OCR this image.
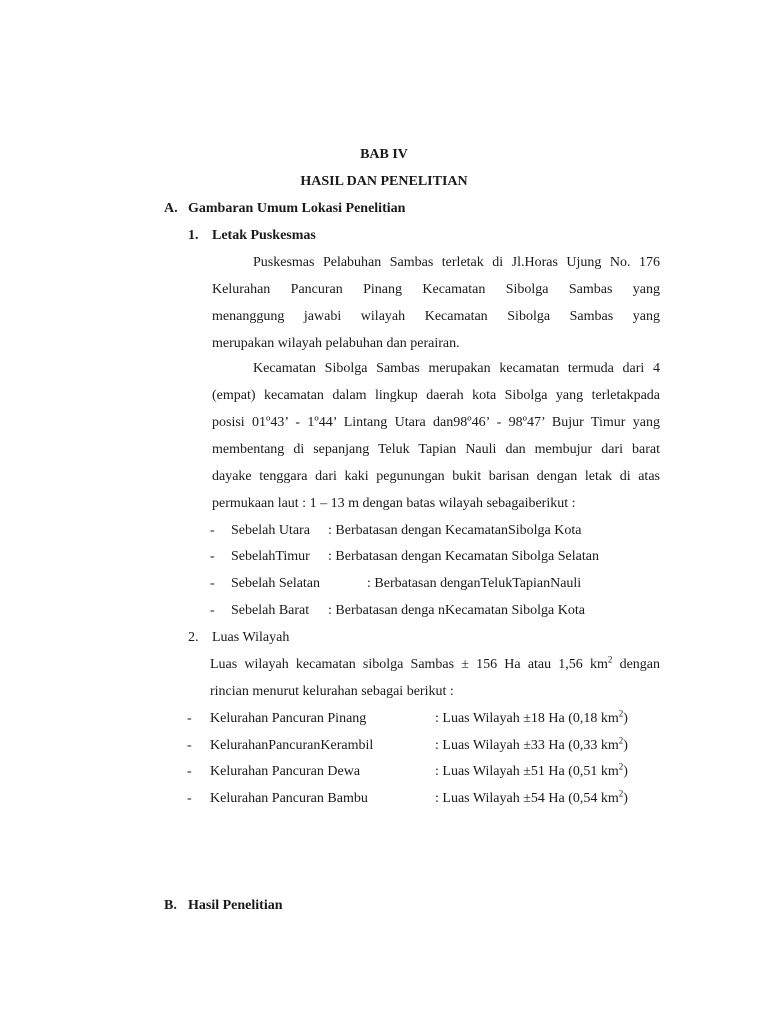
BAB IV
HASIL DAN PENELITIAN
A. Gambaran Umum Lokasi Penelitian
1. Letak Puskesmas
Puskesmas Pelabuhan Sambas terletak di Jl.Horas Ujung No. 176
Kelurahan Pancuran Pinang Kecamatan Sibolga Sambas yang
menanggung jawabi wilayah Kecamatan Sibolga Sambas yang
merupakan wilayah pelabuhan dan perairan.
Kecamatan Sibolga Sambas merupakan kecamatan termuda dari 4
(empat) kecamatan dalam lingkup daerah kota Sibolga yang terletakpada
posisi 01º43’ - 1º44’ Lintang Utara dan98º46’ - 98º47’ Bujur Timur yang
membentang di sepanjang Teluk Tapian Nauli dan membujur dari barat
dayake tenggara dari kaki pegunungan bukit barisan dengan letak di atas
permukaan laut : 1 – 13 m dengan batas wilayah sebagaiberikut :
- Sebelah Utara : Berbatasan dengan KecamatanSibolga Kota
- SebelahTimur : Berbatasan dengan Kecamatan Sibolga Selatan
- Sebelah Selatan	: Berbatasan denganTelukTapianNauli
- Sebelah Barat : Berbatasan denga nKecamatan Sibolga Kota
2. Luas Wilayah
Luas wilayah kecamatan sibolga Sambas ± 156 Ha atau 1,56 $km^2$ dengan
rincian menurut kelurahan sebagai berikut :
- Kelurahan Pancuran Pinang	: Luas Wilayah ±18 Ha (0,18 $km^2$)
- KelurahanPancuranKerambil	: Luas Wilayah ±33 Ha (0,33 $km^2$)
- Kelurahan Pancuran Dewa	: Luas Wilayah ±51 Ha (0,51 $km^2$)
- Kelurahan Pancuran Bambu	: Luas Wilayah ±54 Ha (0,54 $km^2$)
B. Hasil Penelitian
